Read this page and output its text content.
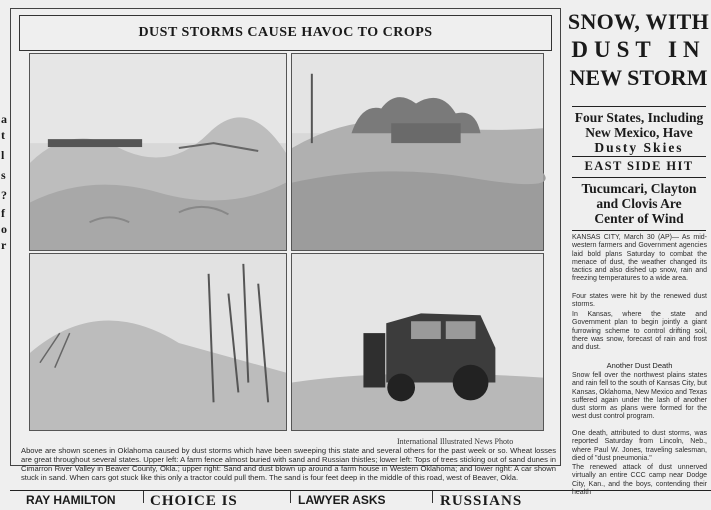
a
t
l
s
?
f
o
r
DUST STORMS CAUSE HAVOC TO CROPS
International Illustrated News Photo
Above are shown scenes in Oklahoma caused by dust storms which have been sweeping this state and several others for the past week or so. Wheat losses are great throughout several states. Upper left: A farm fence almost buried with sand and Russian thistles; lower left: Tops of trees sticking out of sand dunes in Cimarron River Valley in Beaver County, Okla.; upper right: Sand and dust blown up around a farm house in Western Oklahoma; and lower right: A car shown stuck in sand. When cars got stuck like this only a tractor could pull them. The sand is four feet deep in the middle of this road, west of Beaver, Okla.
SNOW, WITH
DUST IN
NEW STORM
Four States, Including
New Mexico, Have
Dusty Skies
EAST SIDE HIT
Tucumcari, Clayton
and Clovis Are
Center of Wind
KANSAS CITY, March 30 (AP)— As mid-western farmers and Government agencies laid bold plans Saturday to combat the menace of dust, the weather changed its tactics and also dished up snow, rain and freezing temperatures to a wide area.
Four states were hit by the renewed dust storms.
In Kansas, where the state and Government plan to begin jointly a giant furrowing scheme to control drifting soil, there was snow, forecast of rain and frost and dust.
Another Dust Death
Snow fell over the northwest plains states and rain fell to the south of Kansas City, but Kansas, Oklahoma, New Mexico and Texas suffered again under the lash of another dust storm as plans were formed for the west dust control program.
One death, attributed to dust storms, was reported Saturday from Lincoln, Neb., where Paul W. Jones, traveling salesman, died of "dust pneumonia."
The renewed attack of dust unnerved virtually an entire CCC camp near Dodge City, Kan., and the boys, contending their health
RAY HAMILTON CHOICE IS	LAWYER ASKS	RUSSIANS
